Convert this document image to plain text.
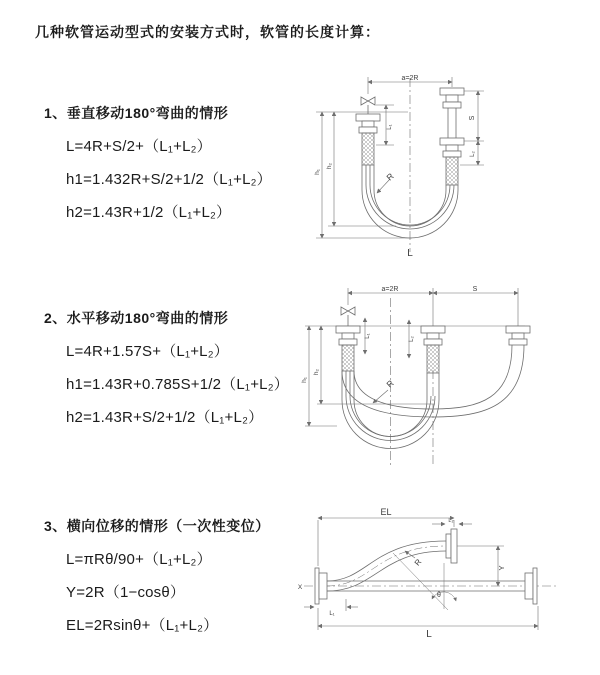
几种软管运动型式的安装方式时，软管的长度计算：
1、垂直移动180°弯曲的情形

L=4R+S/2+（L₁+L₂）

h1=1.432R+S/2+1/2（L₁+L₂）

h2=1.43R+1/2（L₁+L₂）

2、水平移动180°弯曲的情形

L=4R+1.57S+（L₁+L₂）

h1=1.43R+0.785S+1/2（L₁+L₂）

h2=1.43R+S/2+1/2（L₁+L₂）

3、横向位移的情形（一次性变位）

L=πRθ/90+（L₁+L₂）

Y=2R（1−cosθ）

EL=2Rsinθ+（L₁+L₂）

a=2R
L₁
S
L₂
h₁
h₂
R
L
a=2R	S
L₁
L₂
h₁
h₂
R
EL
L₂
Y
L
L₁
R
θ
X
